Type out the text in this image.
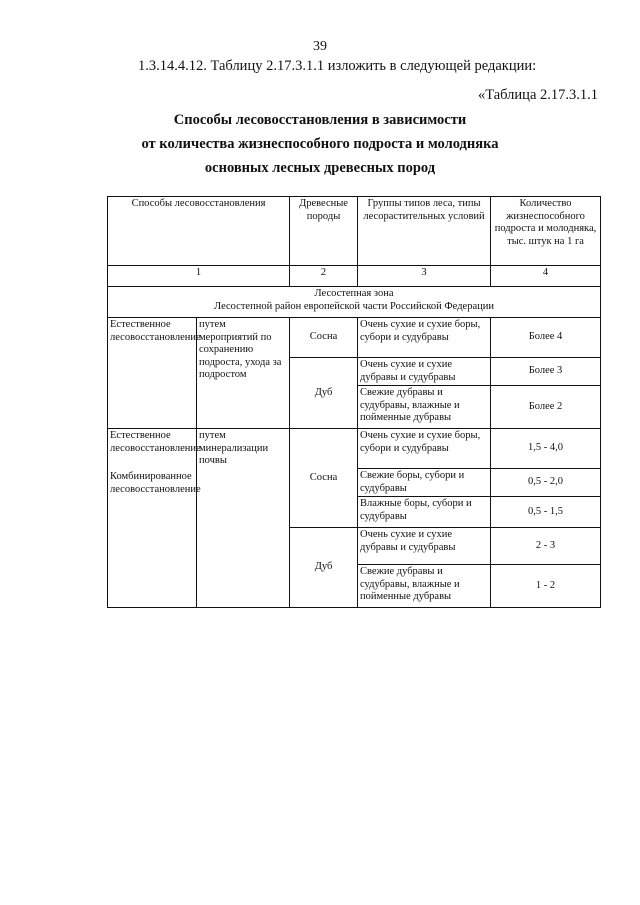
39
1.3.14.4.12. Таблицу 2.17.3.1.1 изложить в следующей редакции:
«Таблица 2.17.3.1.1
Способы лесовосстановления в зависимости
от количества жизнеспособного подроста и молодняка
основных лесных древесных пород
Способы лесовосстановления		Древесные породы	Группы типов леса, типы лесорастительных условий	Количество жизнеспособного подроста и молодняка, тыс. штук на 1 га
1		2	3	4

Лесостепная зона
Лесостепной район европейской части Российской Федерации				

Естественное лесовосстановление	путем мероприятий по сохранению подроста, ухода за подростом	Сосна	Очень сухие и сухие боры, субори и судубравы	Более 4
		Дуб	Очень сухие и сухие дубравы и судубравы	Более 3
			Свежие дубравы и судубравы, влажные и пойменные дубравы	Более 2

Естественное лесовосстановление
Комбинированное лесовосстановление	путем минерализации почвы	Сосна	Очень сухие и сухие боры, субори и судубравы	1,5 - 4,0
			Свежие боры, субори и судубравы	0,5 - 2,0
			Влажные боры, субори и судубравы	0,5 - 1,5
		Дуб	Очень сухие и сухие дубравы и судубравы	2 - 3
			Свежие дубравы и судубравы, влажные и пойменные дубравы	1 - 2
